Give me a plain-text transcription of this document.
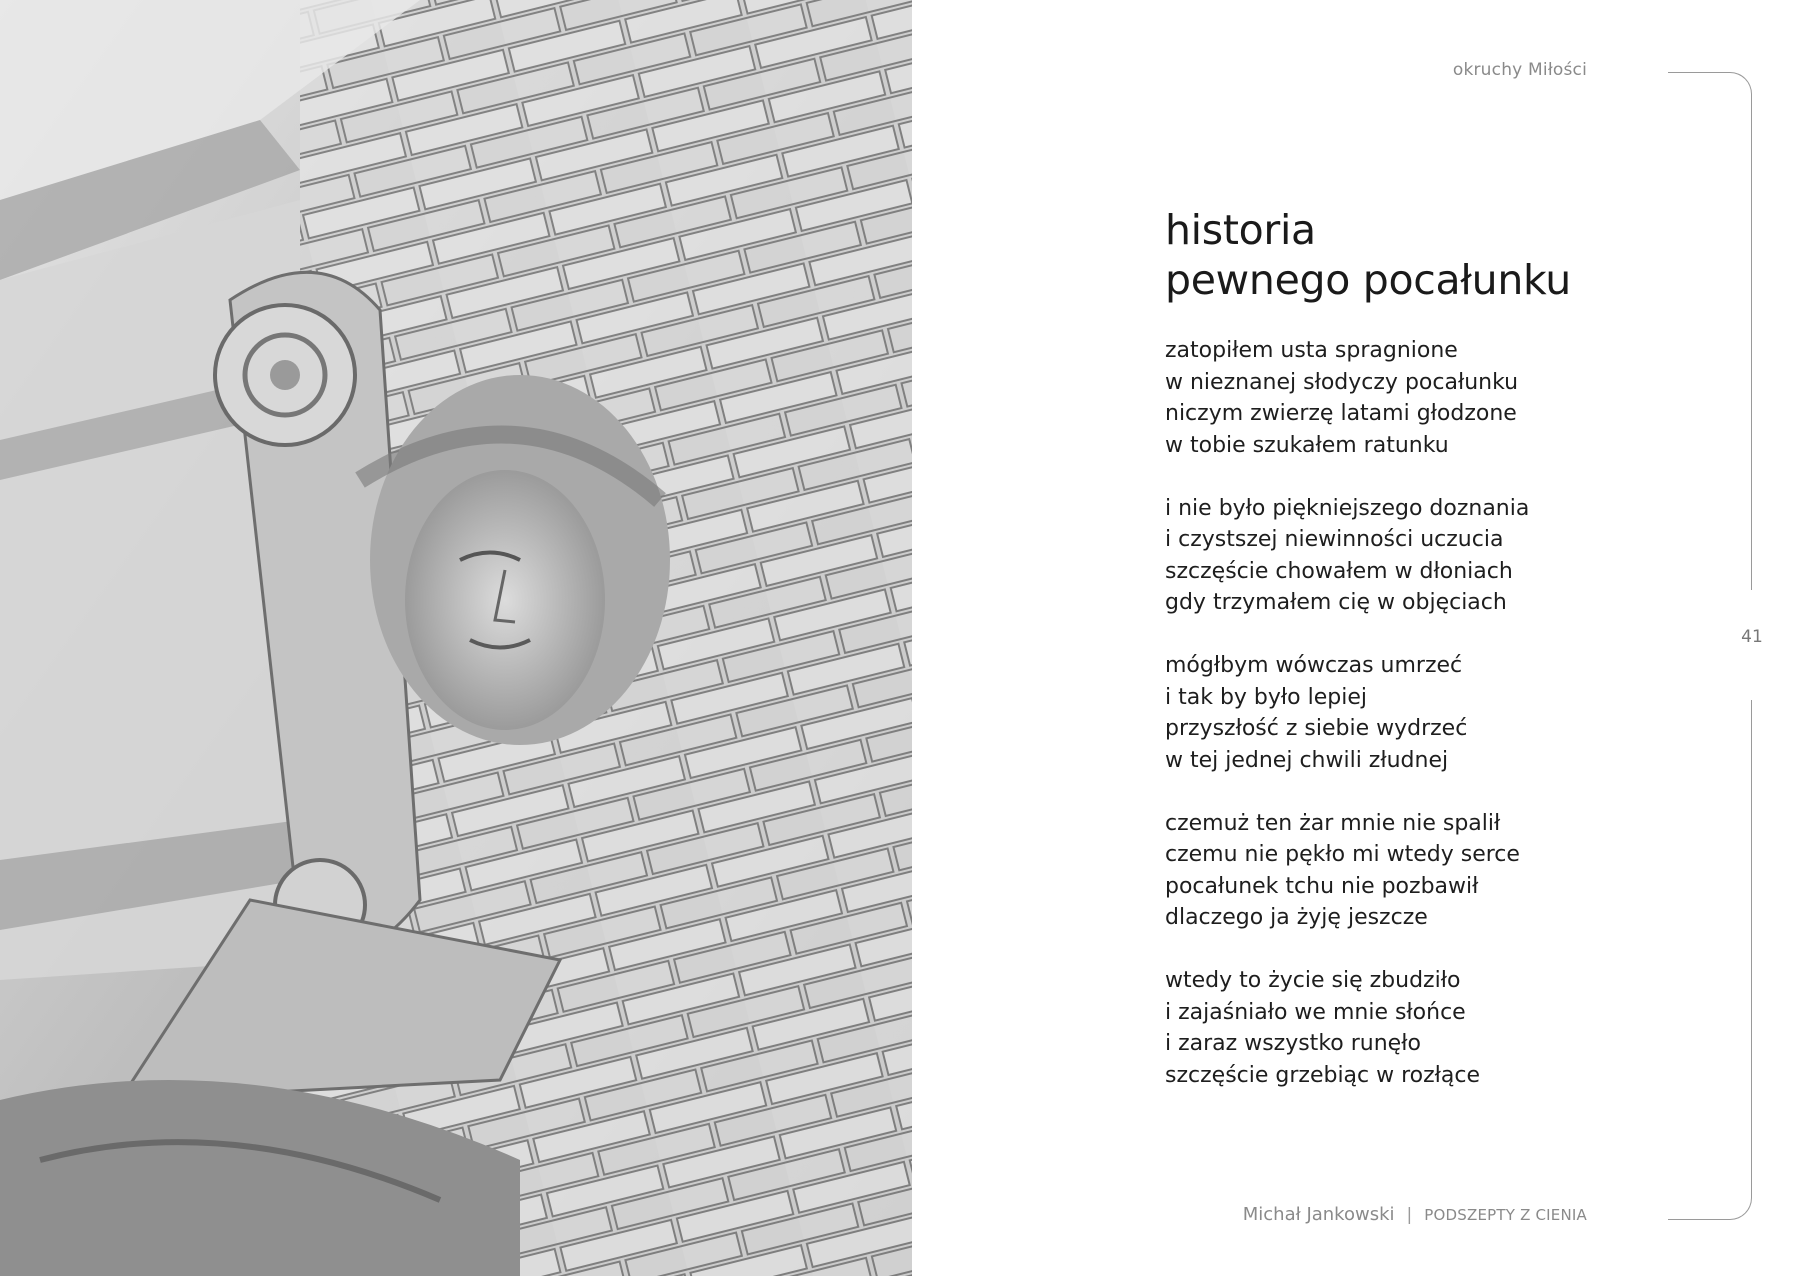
okruchy Miłości
41
historia
pewnego pocałunku
zatopiłem usta spragnione
w nieznanej słodyczy pocałunku
niczym zwierzę latami głodzone
w tobie szukałem ratunku
i nie było piękniejszego doznania
i czystszej niewinności uczucia
szczęście chowałem w dłoniach
gdy trzymałem cię w objęciach
mógłbym wówczas umrzeć
i tak by było lepiej
przyszłość z siebie wydrzeć
w tej jednej chwili złudnej
czemuż ten żar mnie nie spalił
czemu nie pękło mi wtedy serce
pocałunek tchu nie pozbawił
dlaczego ja żyję jeszcze
wtedy to życie się zbudziło
i zajaśniało we mnie słońce
i zaraz wszystko runęło
szczęście grzebiąc w rozłące
Michał Jankowski | PODSZEPTY Z CIENIA
